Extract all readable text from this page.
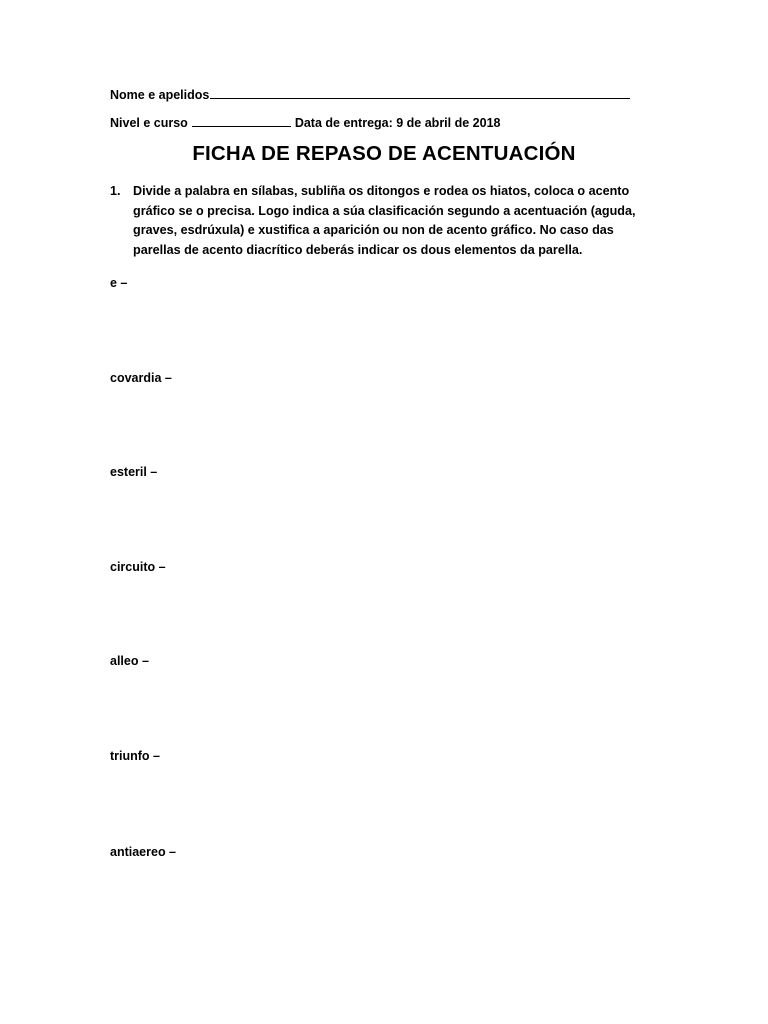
Nome e apelidos
Nivel e curso	Data de entrega: 9 de abril de 2018
FICHA DE REPASO DE ACENTUACIÓN
1. Divide a palabra en sílabas, subliña os ditongos e rodea os hiatos, coloca o acento gráfico se o precisa. Logo indica a súa clasificación segundo a acentuación (aguda, graves, esdrúxula) e xustifica a aparición ou non de acento gráfico. No caso das parellas de acento diacrítico deberás indicar os dous elementos da parella.
e –
covardia –
esteril –
circuito –
alleo –
triunfo –
antiaereo –
